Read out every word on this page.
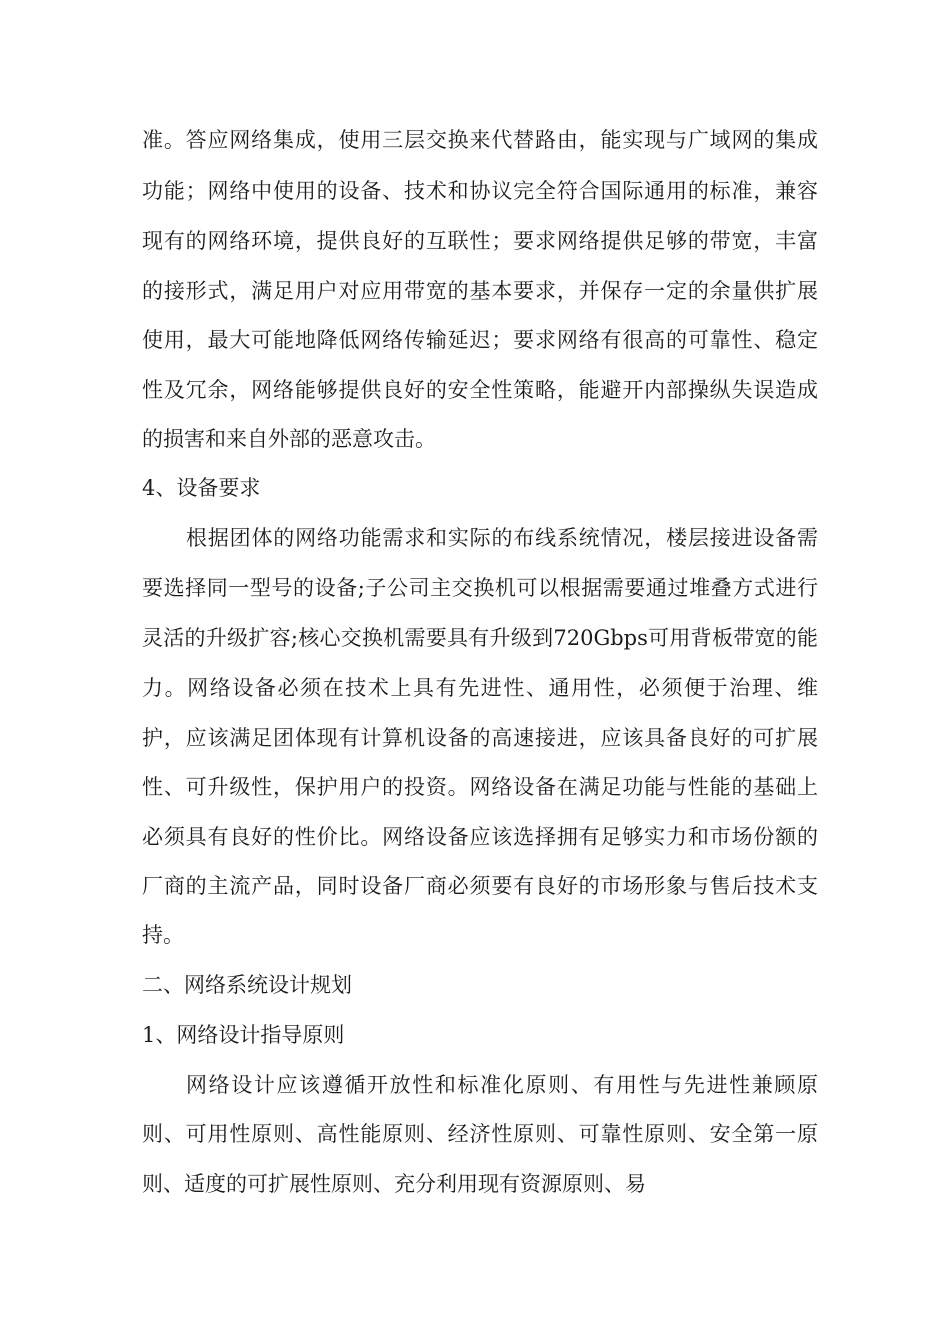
准。答应网络集成，使用三层交换来代替路由，能实现与广域网的集成
功能；网络中使用的设备、技术和协议完全符合国际通用的标准，兼容
现有的网络环境，提供良好的互联性；要求网络提供足够的带宽，丰富
的接形式，满足用户对应用带宽的基本要求，并保存一定的余量供扩展
使用，最大可能地降低网络传输延迟；要求网络有很高的可靠性、稳定
性及冗余，网络能够提供良好的安全性策略，能避开内部操纵失误造成
的损害和来自外部的恶意攻击。
4、设备要求
根据团体的网络功能需求和实际的布线系统情况，楼层接进设备需
要选择同一型号的设备;子公司主交换机可以根据需要通过堆叠方式进行
灵活的升级扩容;核心交换机需要具有升级到720Gbps可用背板带宽的能
力。网络设备必须在技术上具有先进性、通用性，必须便于治理、维
护，应该满足团体现有计算机设备的高速接进，应该具备良好的可扩展
性、可升级性，保护用户的投资。网络设备在满足功能与性能的基础上
必须具有良好的性价比。网络设备应该选择拥有足够实力和市场份额的
厂商的主流产品，同时设备厂商必须要有良好的市场形象与售后技术支
持。
二、网络系统设计规划
1、网络设计指导原则
网络设计应该遵循开放性和标准化原则、有用性与先进性兼顾原
则、可用性原则、高性能原则、经济性原则、可靠性原则、安全第一原
则、适度的可扩展性原则、充分利用现有资源原则、易
